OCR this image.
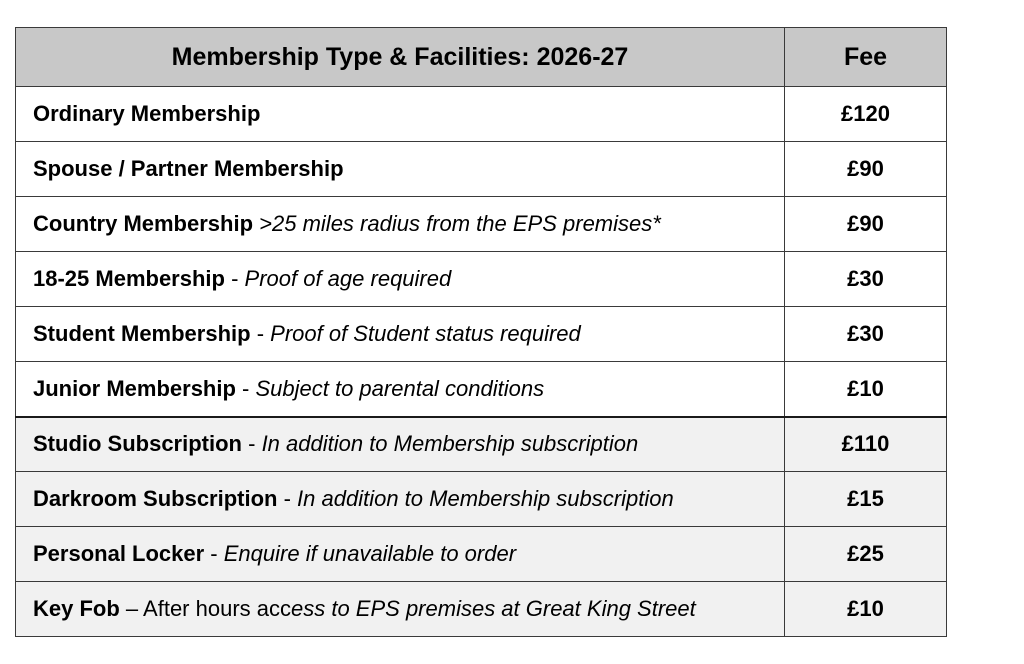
Membership Type & Facilities: 2026-27	Fee
Ordinary Membership	£120
Spouse / Partner Membership	£90
Country Membership >25 miles radius from the EPS premises*	£90
18-25 Membership - Proof of age required	£30
Student Membership - Proof of Student status required	£30
Junior Membership - Subject to parental conditions	£10
Studio Subscription - In addition to Membership subscription	£110
Darkroom Subscription - In addition to Membership subscription	£15
Personal Locker - Enquire if unavailable to order	£25
Key Fob – After hours access to EPS premises at Great King Street	£10
